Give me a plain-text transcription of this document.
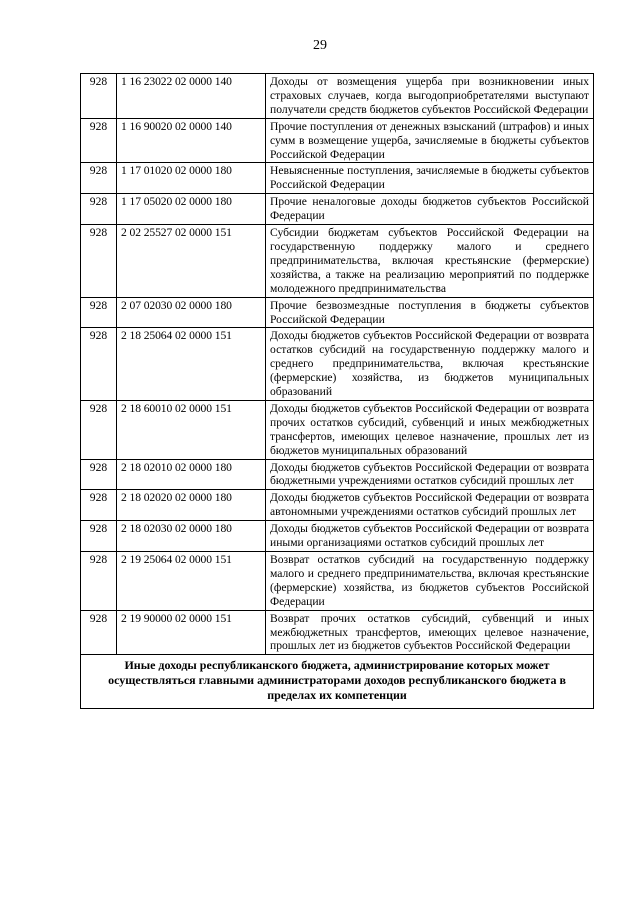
29
928	1 16 23022 02 0000 140	Доходы от возмещения ущерба при возникновении иных страховых случаев, когда выгодоприобретателями выступают получатели средств бюджетов субъектов Российской Федерации
928	1 16 90020 02 0000 140	Прочие поступления от денежных взысканий (штрафов) и иных сумм в возмещение ущерба, зачисляемые в бюджеты субъектов Российской Федерации
928	1 17 01020 02 0000 180	Невыясненные поступления, зачисляемые в бюджеты субъектов Российской Федерации
928	1 17 05020 02 0000 180	Прочие неналоговые доходы бюджетов субъектов Российской Федерации
928	2 02 25527 02 0000 151	Субсидии бюджетам субъектов Российской Федерации на государственную поддержку малого и среднего предпринимательства, включая крестьянские (фермерские) хозяйства, а также на реализацию мероприятий по поддержке молодежного предпринимательства
928	2 07 02030 02 0000 180	Прочие безвозмездные поступления в бюджеты субъектов Российской Федерации
928	2 18 25064 02 0000 151	Доходы бюджетов субъектов Российской Федерации от возврата остатков субсидий на государственную поддержку малого и среднего предпринимательства, включая крестьянские (фермерские) хозяйства, из бюджетов муниципальных образований
928	2 18 60010 02 0000 151	Доходы бюджетов субъектов Российской Федерации от возврата прочих остатков субсидий, субвенций и иных межбюджетных трансфертов, имеющих целевое назначение, прошлых лет из бюджетов муниципальных образований
928	2 18 02010 02 0000 180	Доходы бюджетов субъектов Российской Федерации от возврата бюджетными учреждениями остатков субсидий прошлых лет
928	2 18 02020 02 0000 180	Доходы бюджетов субъектов Российской Федерации от возврата автономными учреждениями остатков субсидий прошлых лет
928	2 18 02030 02 0000 180	Доходы бюджетов субъектов Российской Федерации от возврата иными организациями остатков субсидий прошлых лет
928	2 19 25064 02 0000 151	Возврат остатков субсидий на государственную поддержку малого и среднего предпринимательства, включая крестьянские (фермерские) хозяйства, из бюджетов субъектов Российской Федерации
928	2 19 90000 02 0000 151	Возврат прочих остатков субсидий, субвенций и иных межбюджетных трансфертов, имеющих целевое назначение, прошлых лет из бюджетов субъектов Российской Федерации
Иные доходы республиканского бюджета, администрирование которых может осуществляться главными администраторами доходов республиканского бюджета в пределах их компетенции		
